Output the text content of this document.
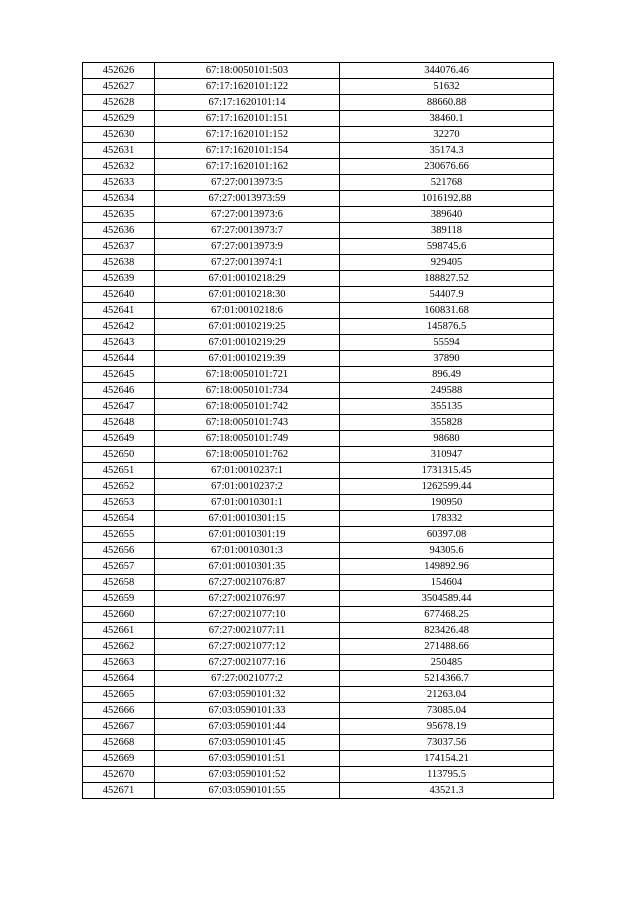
452626	67:18:0050101:503	344076.46
452627	67:17:1620101:122	51632
452628	67:17:1620101:14	88660.88
452629	67:17:1620101:151	38460.1
452630	67:17:1620101:152	32270
452631	67:17:1620101:154	35174.3
452632	67:17:1620101:162	230676.66
452633	67:27:0013973:5	521768
452634	67:27:0013973:59	1016192.88
452635	67:27:0013973:6	389640
452636	67:27:0013973:7	389118
452637	67:27:0013973:9	598745.6
452638	67:27:0013974:1	929405
452639	67:01:0010218:29	188827.52
452640	67:01:0010218:30	54407.9
452641	67:01:0010218:6	160831.68
452642	67:01:0010219:25	145876.5
452643	67:01:0010219:29	55594
452644	67:01:0010219:39	37890
452645	67:18:0050101:721	896.49
452646	67:18:0050101:734	249588
452647	67:18:0050101:742	355135
452648	67:18:0050101:743	355828
452649	67:18:0050101:749	98680
452650	67:18:0050101:762	310947
452651	67:01:0010237:1	1731315.45
452652	67:01:0010237:2	1262599.44
452653	67:01:0010301:1	190950
452654	67:01:0010301:15	178332
452655	67:01:0010301:19	60397.08
452656	67:01:0010301:3	94305.6
452657	67:01:0010301:35	149892.96
452658	67:27:0021076:87	154604
452659	67:27:0021076:97	3504589.44
452660	67:27:0021077:10	677468.25
452661	67:27:0021077:11	823426.48
452662	67:27:0021077:12	271488.66
452663	67:27:0021077:16	250485
452664	67:27:0021077:2	5214366.7
452665	67:03:0590101:32	21263.04
452666	67:03:0590101:33	73085.04
452667	67:03:0590101:44	95678.19
452668	67:03:0590101:45	73037.56
452669	67:03:0590101:51	174154.21
452670	67:03:0590101:52	113795.5
452671	67:03:0590101:55	43521.3
